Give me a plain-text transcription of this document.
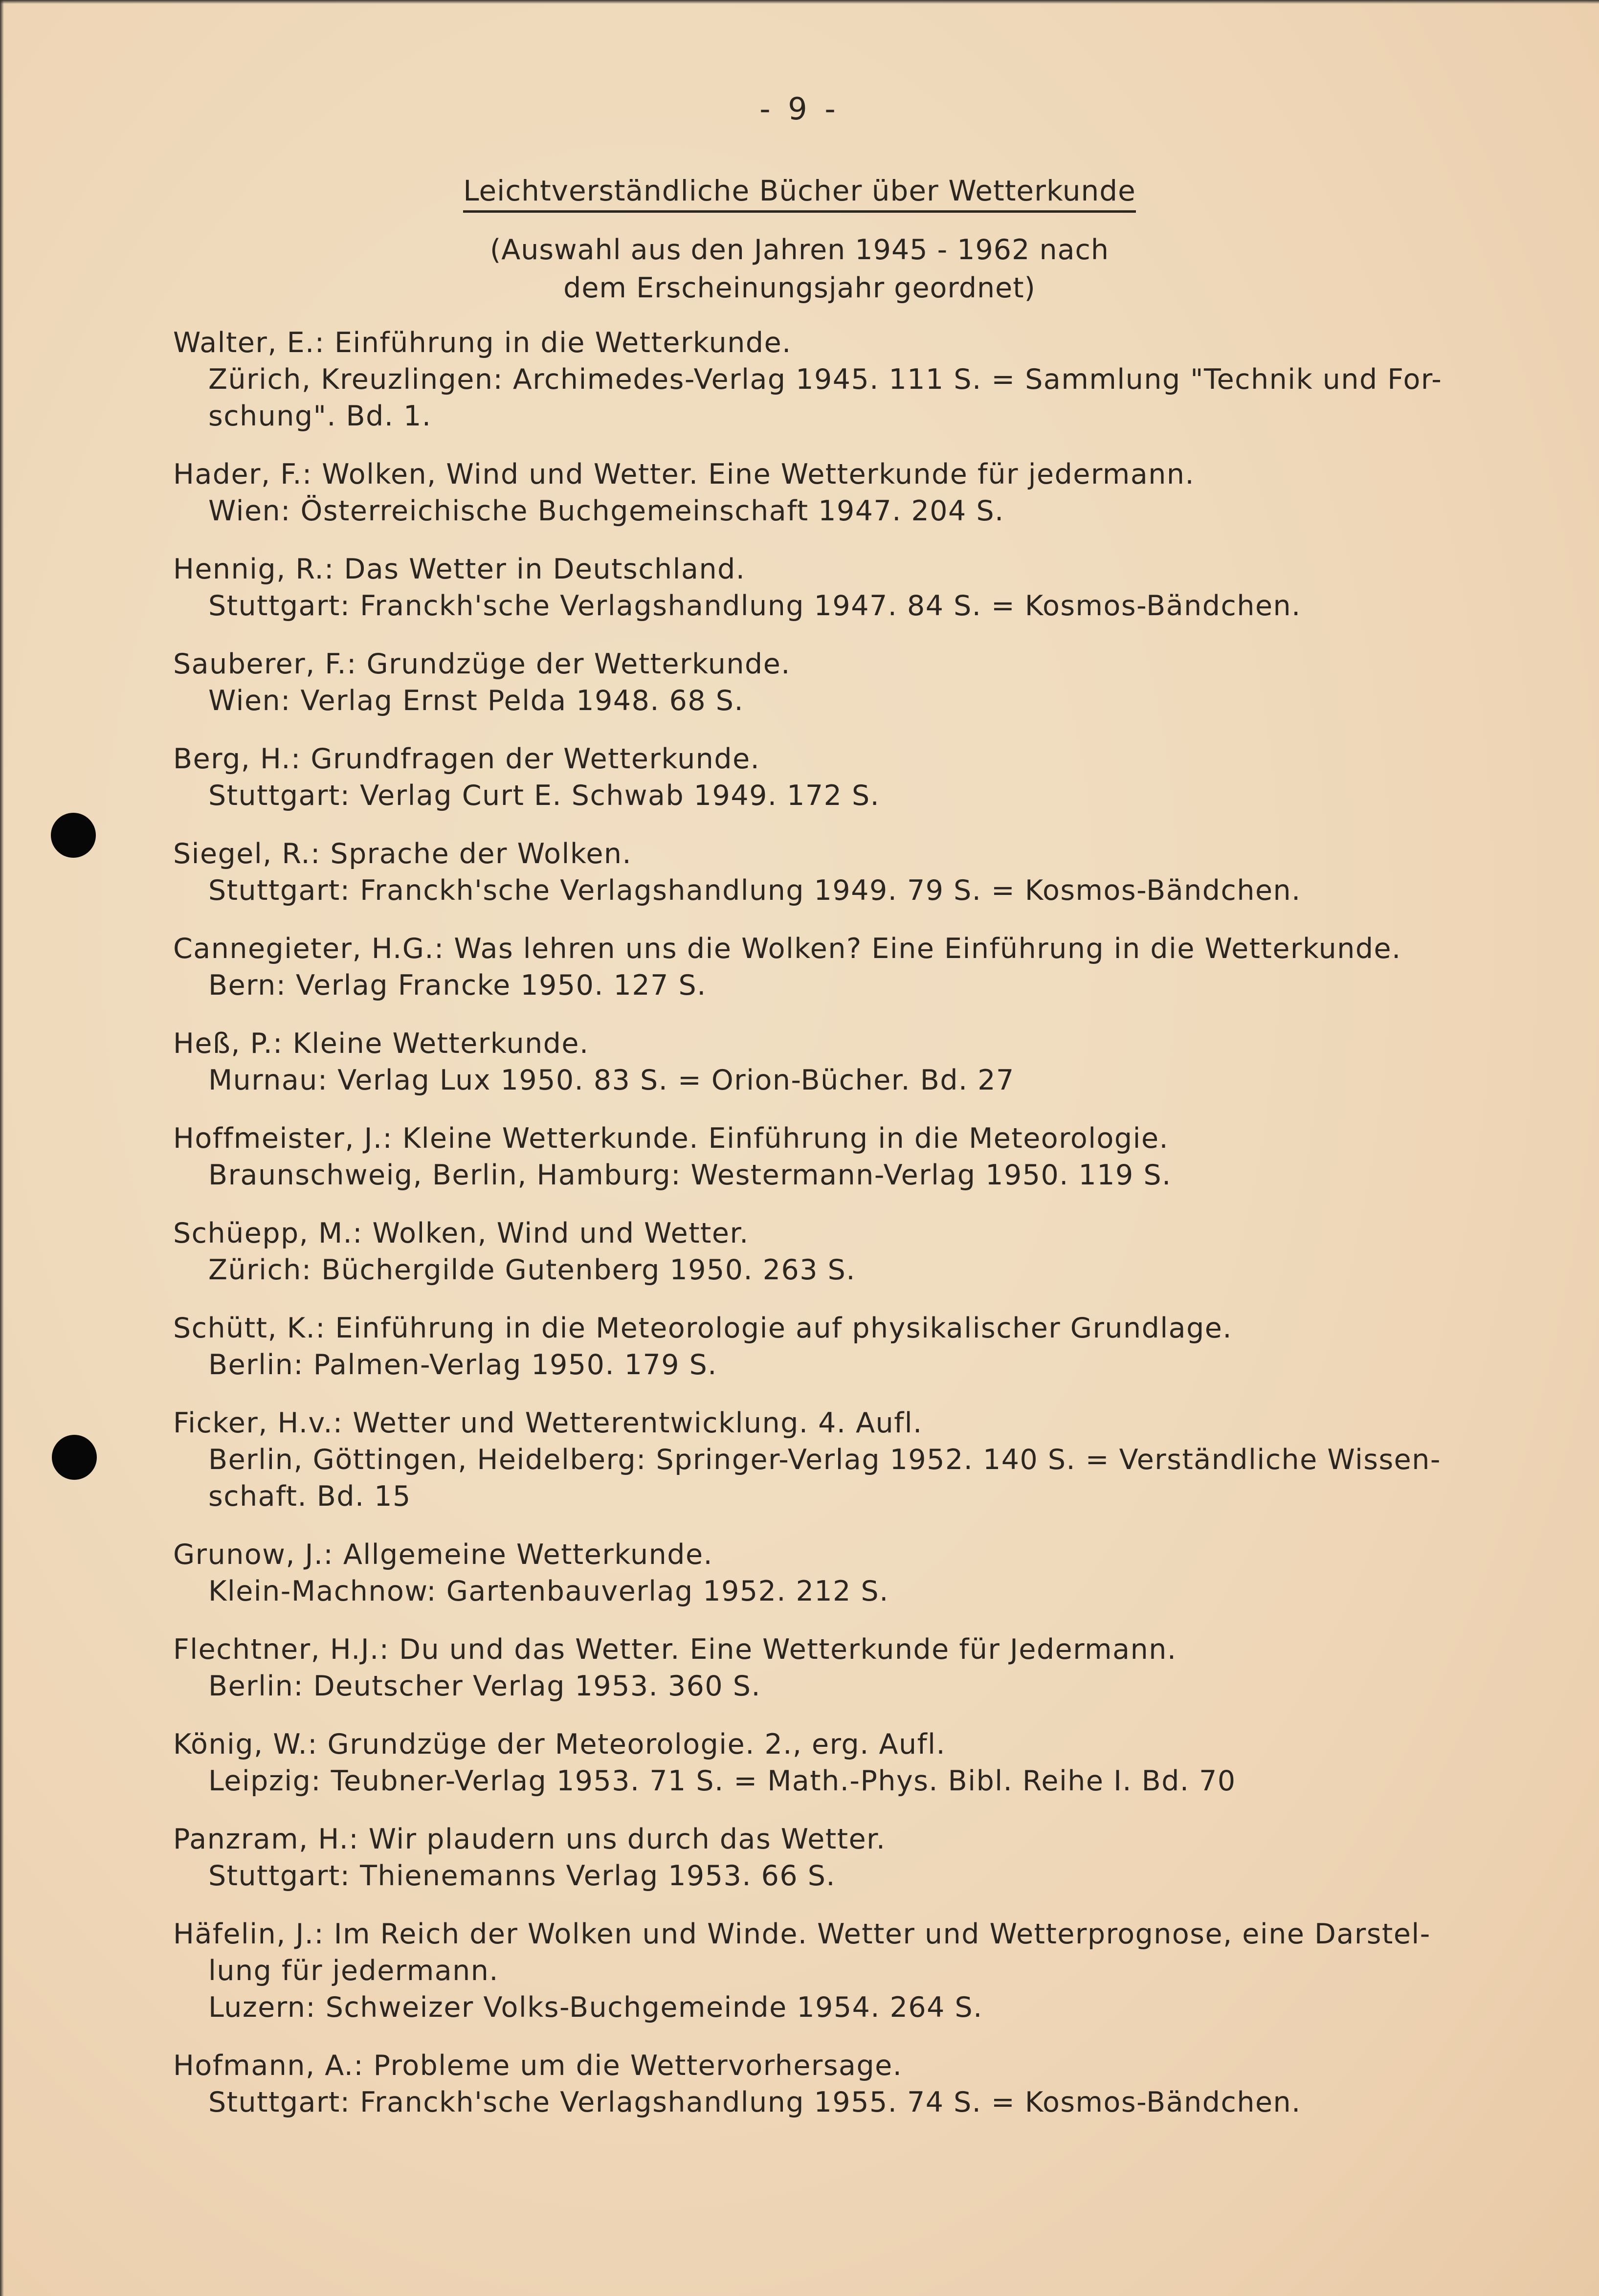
- 9 -
Leichtverständliche Bücher über Wetterkunde
(Auswahl aus den Jahren 1945 - 1962 nach
dem Erscheinungsjahr geordnet)
Walter, E.: Einführung in die Wetterkunde.
Zürich, Kreuzlingen: Archimedes-Verlag 1945. 111 S. = Sammlung "Technik und For-
schung". Bd. 1.
Hader, F.: Wolken, Wind und Wetter. Eine Wetterkunde für jedermann.
Wien: Österreichische Buchgemeinschaft 1947. 204 S.
Hennig, R.: Das Wetter in Deutschland.
Stuttgart: Franckh'sche Verlagshandlung 1947. 84 S. = Kosmos-Bändchen.
Sauberer, F.: Grundzüge der Wetterkunde.
Wien: Verlag Ernst Pelda 1948. 68 S.
Berg, H.: Grundfragen der Wetterkunde.
Stuttgart: Verlag Curt E. Schwab 1949. 172 S.
Siegel, R.: Sprache der Wolken.
Stuttgart: Franckh'sche Verlagshandlung 1949. 79 S. = Kosmos-Bändchen.
Cannegieter, H.G.: Was lehren uns die Wolken? Eine Einführung in die Wetterkunde.
Bern: Verlag Francke 1950. 127 S.
Heß, P.: Kleine Wetterkunde.
Murnau: Verlag Lux 1950. 83 S. = Orion-Bücher. Bd. 27
Hoffmeister, J.: Kleine Wetterkunde. Einführung in die Meteorologie.
Braunschweig, Berlin, Hamburg: Westermann-Verlag 1950. 119 S.
Schüepp, M.: Wolken, Wind und Wetter.
Zürich: Büchergilde Gutenberg 1950. 263 S.
Schütt, K.: Einführung in die Meteorologie auf physikalischer Grundlage.
Berlin: Palmen-Verlag 1950. 179 S.
Ficker, H.v.: Wetter und Wetterentwicklung. 4. Aufl.
Berlin, Göttingen, Heidelberg: Springer-Verlag 1952. 140 S. = Verständliche Wissen-
schaft. Bd. 15
Grunow, J.: Allgemeine Wetterkunde.
Klein-Machnow: Gartenbauverlag 1952. 212 S.
Flechtner, H.J.: Du und das Wetter. Eine Wetterkunde für Jedermann.
Berlin: Deutscher Verlag 1953. 360 S.
König, W.: Grundzüge der Meteorologie. 2., erg. Aufl.
Leipzig: Teubner-Verlag 1953. 71 S. = Math.-Phys. Bibl. Reihe I. Bd. 70
Panzram, H.: Wir plaudern uns durch das Wetter.
Stuttgart: Thienemanns Verlag 1953. 66 S.
Häfelin, J.: Im Reich der Wolken und Winde. Wetter und Wetterprognose, eine Darstel-
lung für jedermann.
Luzern: Schweizer Volks-Buchgemeinde 1954. 264 S.
Hofmann, A.: Probleme um die Wettervorhersage.
Stuttgart: Franckh'sche Verlagshandlung 1955. 74 S. = Kosmos-Bändchen.
